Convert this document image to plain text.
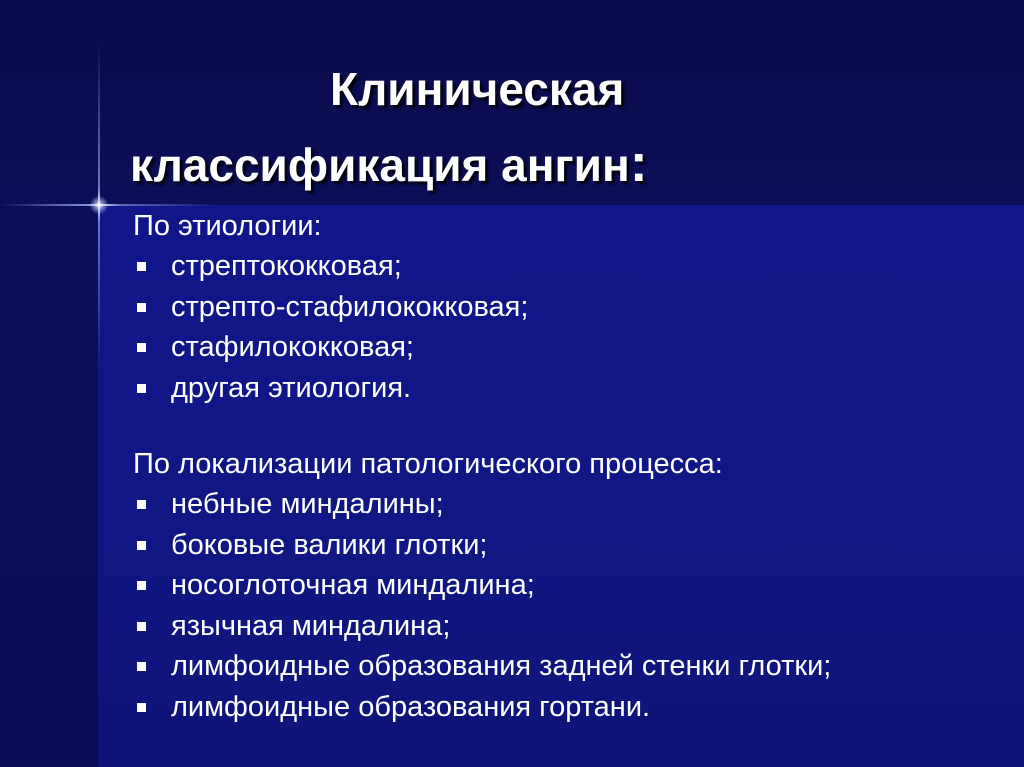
Клиническая
классификация ангин:

По этиологии:

стрептококковая;
стрепто-стафилококковая;
стафилококковая;
другая этиология.

По локализации патологического процесса:

небные миндалины;
боковые валики глотки;
носоглоточная миндалина;
язычная миндалина;
лимфоидные образования задней стенки глотки;
лимфоидные образования гортани.
